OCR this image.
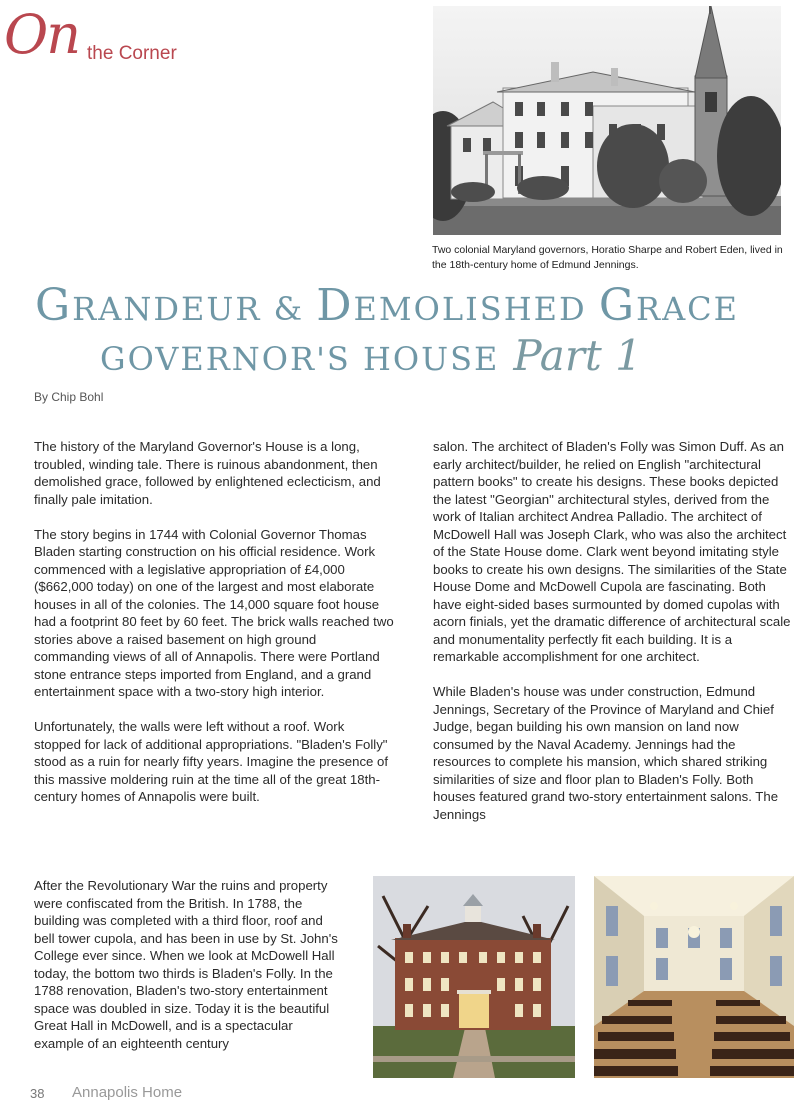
On the Corner
Two colonial Maryland governors, Horatio Sharpe and Robert Eden, lived in the 18th-century home of Edmund Jennings.
GRANDEUR & DEMOLISHED GRACE
GOVERNOR'S HOUSE Part 1
By Chip Bohl

The history of the Maryland Governor's House is a long, troubled, winding tale. There is ruinous abandonment, then demolished grace, followed by enlightened eclecticism, and finally pale imitation.

The story begins in 1744 with Colonial Governor Thomas Bladen starting construction on his official residence. Work commenced with a legislative appropriation of £4,000 ($662,000 today) on one of the largest and most elaborate houses in all of the colonies. The 14,000 square foot house had a footprint 80 feet by 60 feet. The brick walls reached two stories above a raised basement on high ground commanding views of all of Annapolis. There were Portland stone entrance steps imported from England, and a grand entertainment space with a two-story high interior.

Unfortunately, the walls were left without a roof. Work stopped for lack of additional appropriations. "Bladen's Folly" stood as a ruin for nearly fifty years. Imagine the presence of this massive moldering ruin at the time all of the great 18th-century homes of Annapolis were built.

After the Revolutionary War the ruins and property were confiscated from the British. In 1788, the building was completed with a third floor, roof and bell tower cupola, and has been in use by St. John's College ever since. When we look at McDowell Hall today, the bottom two thirds is Bladen's Folly. In the 1788 renovation, Bladen's two-story entertainment space was doubled in size. Today it is the beautiful Great Hall in McDowell, and is a spectacular example of an eighteenth century

salon. The architect of Bladen's Folly was Simon Duff. As an early architect/builder, he relied on English "architectural pattern books" to create his designs. These books depicted the latest "Georgian" architectural styles, derived from the work of Italian architect Andrea Palladio. The architect of McDowell Hall was Joseph Clark, who was also the architect of the State House dome. Clark went beyond imitating style books to create his own designs. The similarities of the State House Dome and McDowell Cupola are fascinating. Both have eight-sided bases surmounted by domed cupolas with acorn finials, yet the dramatic difference of architectural scale and monumentality perfectly fit each building. It is a remarkable accomplishment for one architect.

While Bladen's house was under construction, Edmund Jennings, Secretary of the Province of Maryland and Chief Judge, began building his own mansion on land now consumed by the Naval Academy. Jennings had the resources to complete his mansion, which shared striking similarities of size and floor plan to Bladen's Folly. Both houses featured grand two-story entertainment salons. The Jennings

38 Annapolis Home
